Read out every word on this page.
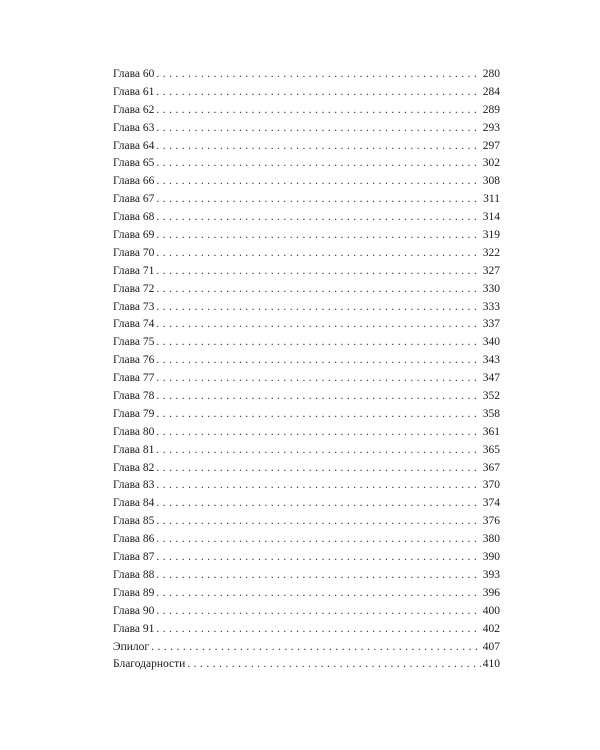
Глава 60 . . .	280
Глава 61 . . .	284
Глава 62 . . .	289
Глава 63 . . .	293
Глава 64 . . .	297
Глава 65 . . .	302
Глава 66 . . .	308
Глава 67 . . .	311
Глава 68 . . .	314
Глава 69 . . .	319
Глава 70 . . .	322
Глава 71 . . .	327
Глава 72 . . .	330
Глава 73 . . .	333
Глава 74 . . .	337
Глава 75 . . .	340
Глава 76 . . .	343
Глава 77 . . .	347
Глава 78 . . .	352
Глава 79 . . .	358
Глава 80 . . .	361
Глава 81 . . .	365
Глава 82 . . .	367
Глава 83 . . .	370
Глава 84 . . .	374
Глава 85 . . .	376
Глава 86 . . .	380
Глава 87 . . .	390
Глава 88 . . .	393
Глава 89 . . .	396
Глава 90 . . .	400
Глава 91 . . .	402
Эпилог . . .	407
Благодарности . . .	410
